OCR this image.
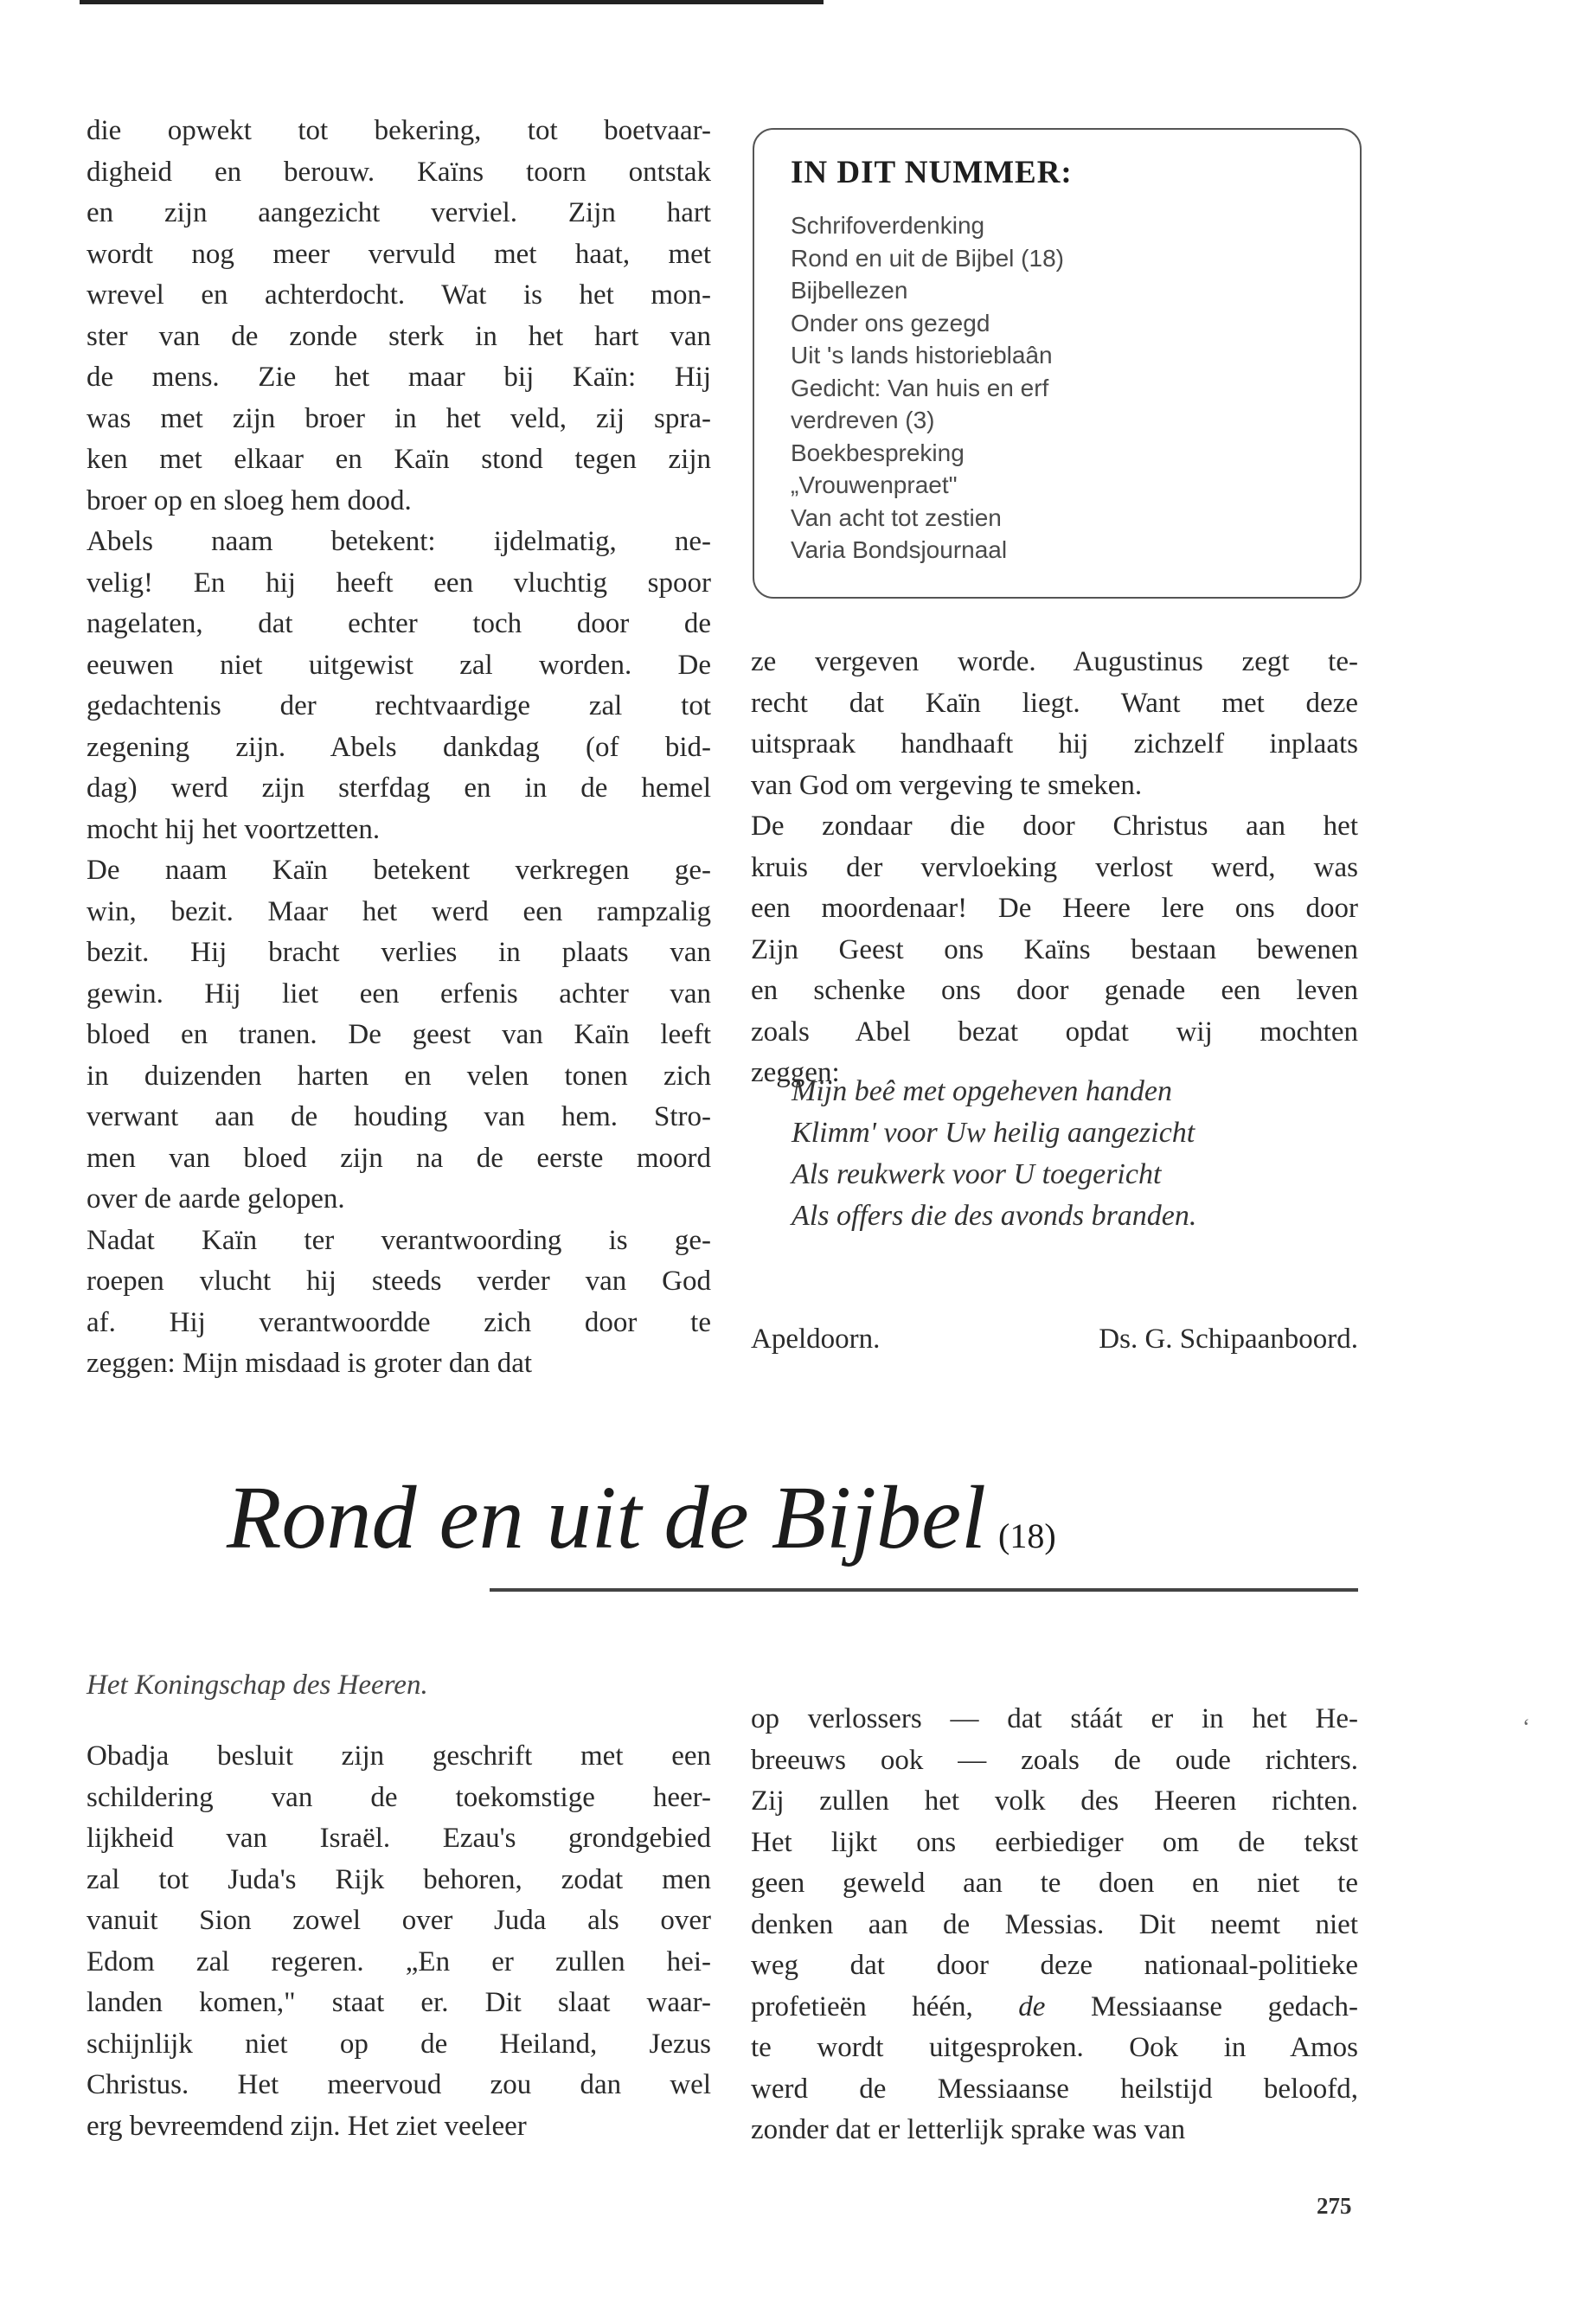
die opwekt tot bekering, tot boetvaar-
digheid en berouw. Kaïns toorn ontstak
en zijn aangezicht verviel. Zijn hart
wordt nog meer vervuld met haat, met
wrevel en achterdocht. Wat is het mon-
ster van de zonde sterk in het hart van
de mens. Zie het maar bij Kaïn: Hij
was met zijn broer in het veld, zij spra-
ken met elkaar en Kaïn stond tegen zijn
broer op en sloeg hem dood.
Abels naam betekent: ijdelmatig, ne-
velig! En hij heeft een vluchtig spoor
nagelaten, dat echter toch door de
eeuwen niet uitgewist zal worden. De
gedachtenis der rechtvaardige zal tot
zegening zijn. Abels dankdag (of bid-
dag) werd zijn sterfdag en in de hemel
mocht hij het voortzetten.
De naam Kaïn betekent verkregen ge-
win, bezit. Maar het werd een rampzalig
bezit. Hij bracht verlies in plaats van
gewin. Hij liet een erfenis achter van
bloed en tranen. De geest van Kaïn leeft
in duizenden harten en velen tonen zich
verwant aan de houding van hem. Stro-
men van bloed zijn na de eerste moord
over de aarde gelopen.
Nadat Kaïn ter verantwoording is ge-
roepen vlucht hij steeds verder van God
af. Hij verantwoordde zich door te
zeggen: Mijn misdaad is groter dan dat
IN DIT NUMMER:
Schrifoverdenking
Rond en uit de Bijbel (18)
Bijbellezen
Onder ons gezegd
Uit 's lands historieblaân
Gedicht: Van huis en erf
verdreven (3)
Boekbespreking
„Vrouwenpraet"
Van acht tot zestien
Varia Bondsjournaal
ze vergeven worde. Augustinus zegt te-
recht dat Kaïn liegt. Want met deze
uitspraak handhaaft hij zichzelf inplaats
van God om vergeving te smeken.
De zondaar die door Christus aan het
kruis der vervloeking verlost werd, was
een moordenaar! De Heere lere ons door
Zijn Geest ons Kaïns bestaan bewenen
en schenke ons door genade een leven
zoals Abel bezat opdat wij mochten
zeggen:
Mijn beê met opgeheven handen
Klimm' voor Uw heilig aangezicht
Als reukwerk voor U toegericht
Als offers die des avonds branden.
Apeldoorn.	Ds. G. Schipaanboord.
Rond en uit de Bijbel (18)
Het Koningschap des Heeren.
Obadja besluit zijn geschrift met een
schildering van de toekomstige heer-
lijkheid van Israël. Ezau's grondgebied
zal tot Juda's Rijk behoren, zodat men
vanuit Sion zowel over Juda als over
Edom zal regeren. „En er zullen hei-
landen komen," staat er. Dit slaat waar-
schijnlijk niet op de Heiland, Jezus
Christus. Het meervoud zou dan wel
erg bevreemdend zijn. Het ziet veeleer
op verlossers — dat stáát er in het He-
breeuws ook — zoals de oude richters.
Zij zullen het volk des Heeren richten.
Het lijkt ons eerbiediger om de tekst
geen geweld aan te doen en niet te
denken aan de Messias. Dit neemt niet
weg dat door deze nationaal-politieke
profetieën héén, de Messiaanse gedach-
te wordt uitgesproken. Ook in Amos
werd de Messiaanse heilstijd beloofd,
zonder dat er letterlijk sprake was van
ʻ
275
